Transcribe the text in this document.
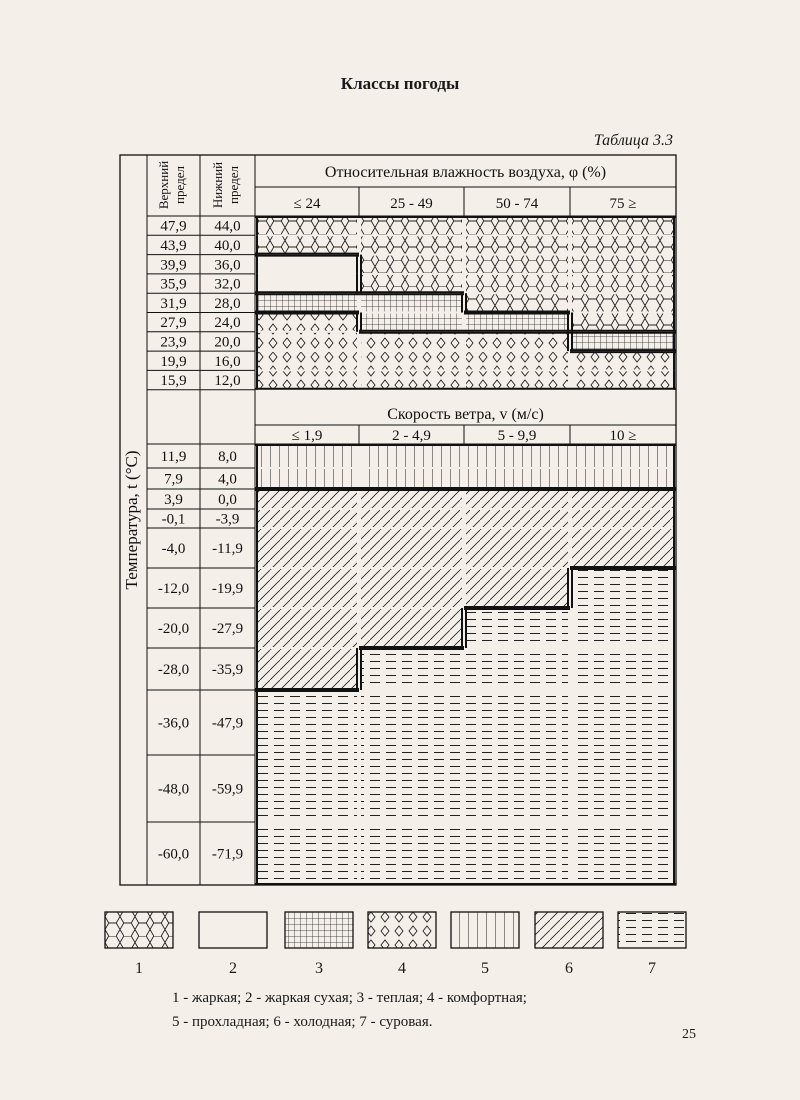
Классы погоды
Таблица 3.3
Температура, t (°C)
Верхний предел Нижний предел	Относительная влажность воздуха, φ (%)
≤ 24	25 - 49	50 - 74	75 ≥
Скорость ветра, v (м/с)
≤ 1,9	2 - 4,9	5 - 9,9	10 ≥
47,9 44,0
43,9 40,0
39,9 36,0
35,9 32,0
31,9 28,0
27,9 24,0
23,9 20,0
19,9 16,0
15,9 12,0
11,9 8,0
7,9 4,0
3,9 0,0
-0,1 -3,9
-4,0 -11,9
-12,0 -19,9
-20,0 -27,9
-28,0 -35,9
-36,0 -47,9
-48,0 -59,9
-60,0 -71,9
1	2	3	4	5	6	7
1 - жаркая; 2 - жаркая сухая; 3 - теплая; 4 - комфортная;
5 - прохладная; 6 - холодная; 7 - суровая.
25
